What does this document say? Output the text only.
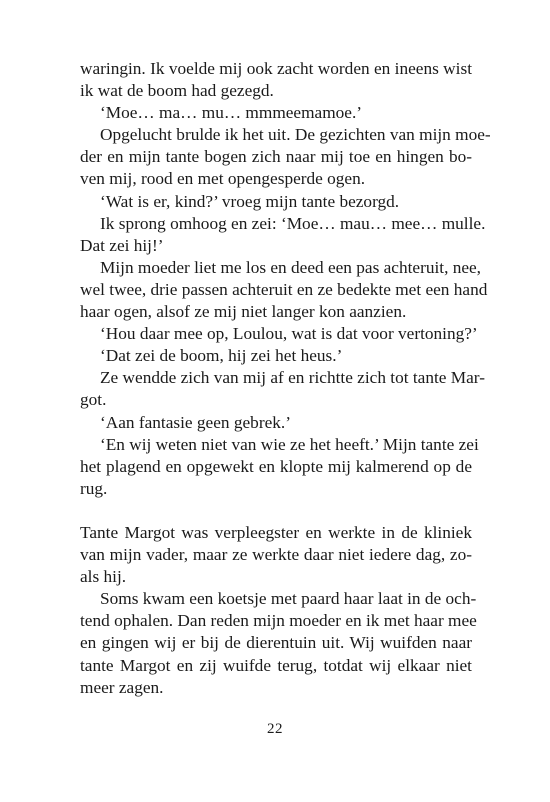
waringin. Ik voelde mij ook zacht worden en ineens wist
ik wat de boom had gezegd.
‘Moe… ma… mu… mmmeemamoe.’
Opgelucht brulde ik het uit. De gezichten van mijn moe-
der en mijn tante bogen zich naar mij toe en hingen bo-
ven mij, rood en met opengesperde ogen.
‘Wat is er, kind?’ vroeg mijn tante bezorgd.
Ik sprong omhoog en zei: ‘Moe… mau… mee… mulle.
Dat zei hij!’
Mijn moeder liet me los en deed een pas achteruit, nee,
wel twee, drie passen achteruit en ze bedekte met een hand
haar ogen, alsof ze mij niet langer kon aanzien.
‘Hou daar mee op, Loulou, wat is dat voor vertoning?’
‘Dat zei de boom, hij zei het heus.’
Ze wendde zich van mij af en richtte zich tot tante Mar-
got.
‘Aan fantasie geen gebrek.’
‘En wij weten niet van wie ze het heeft.’ Mijn tante zei
het plagend en opgewekt en klopte mij kalmerend op de
rug.
Tante Margot was verpleegster en werkte in de kliniek
van mijn vader, maar ze werkte daar niet iedere dag, zo-
als hij.
Soms kwam een koetsje met paard haar laat in de och-
tend ophalen. Dan reden mijn moeder en ik met haar mee
en gingen wij er bij de dierentuin uit. Wij wuifden naar
tante Margot en zij wuifde terug, totdat wij elkaar niet
meer zagen.
22
